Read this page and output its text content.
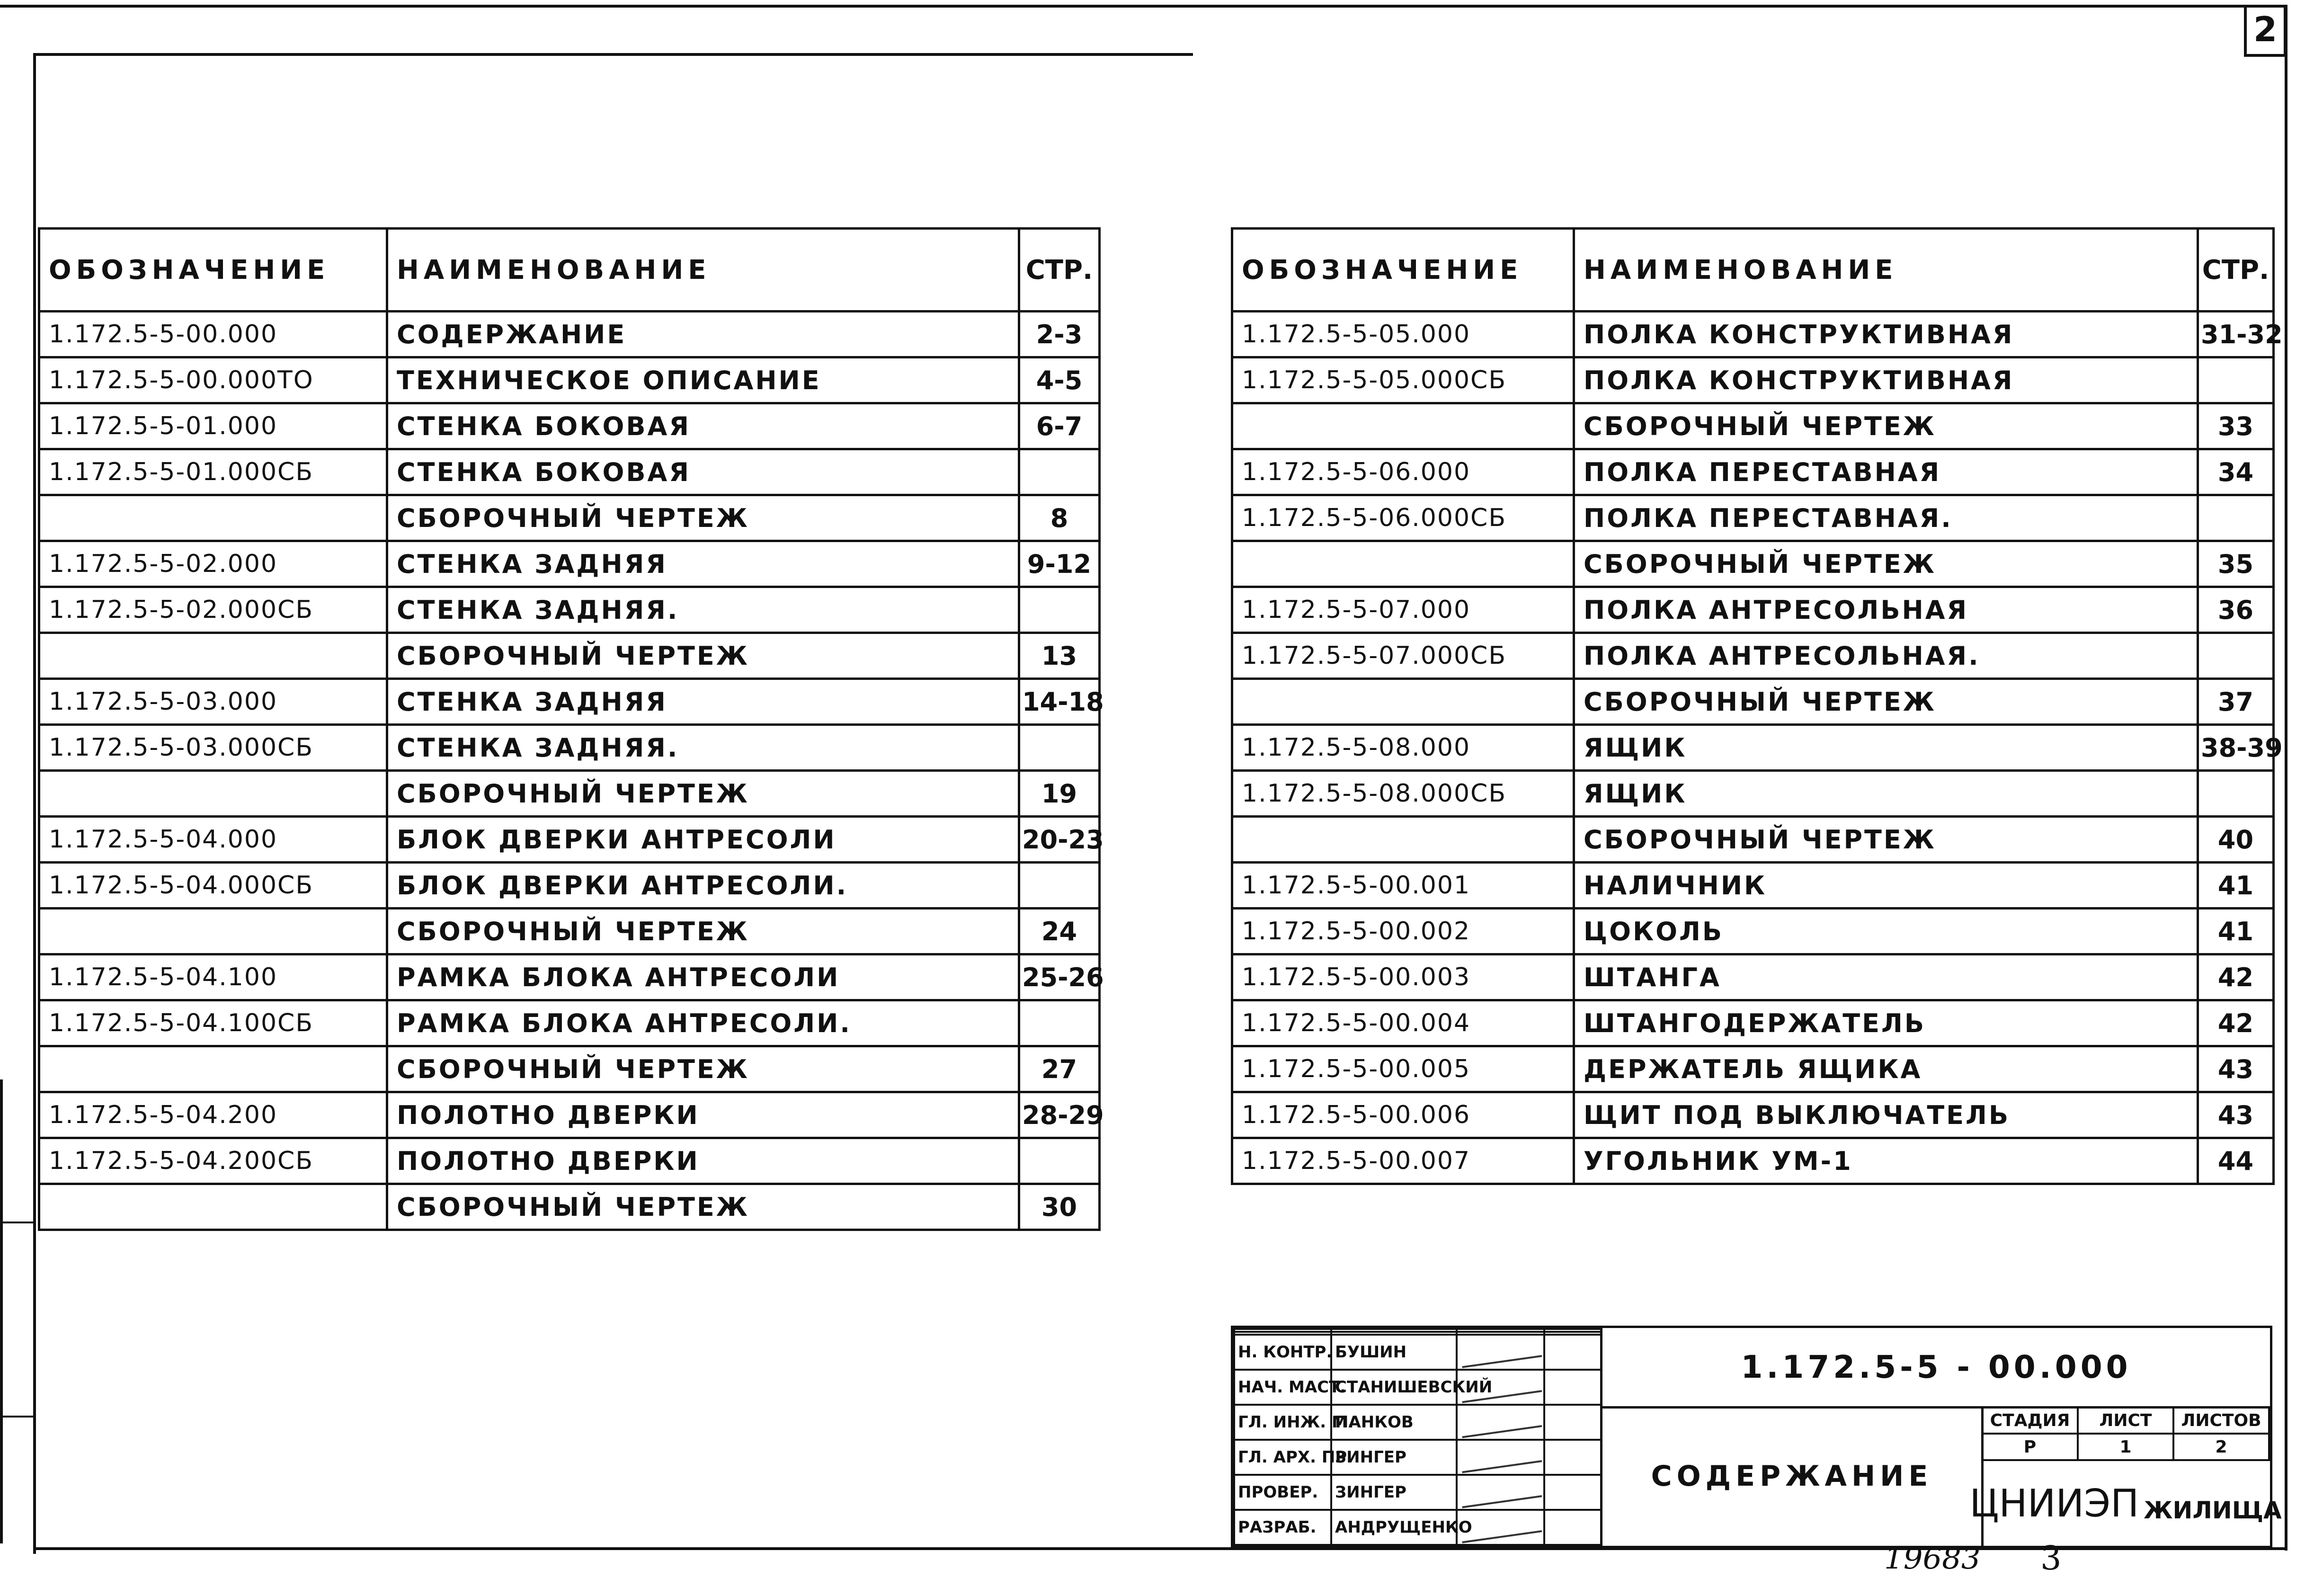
2
ОБОЗНАЧЕНИЕ	НАИМЕНОВАНИЕ	СТР.
1.172.5-5-00.000	СОДЕРЖАНИЕ	2-3
1.172.5-5-00.000ТО	ТЕХНИЧЕСКОЕ ОПИСАНИЕ	4-5
1.172.5-5-01.000	СТЕНКА БОКОВАЯ	6-7
1.172.5-5-01.000СБ	СТЕНКА БОКОВАЯ	
	СБОРОЧНЫЙ ЧЕРТЕЖ	8
1.172.5-5-02.000	СТЕНКА ЗАДНЯЯ	9-12
1.172.5-5-02.000СБ	СТЕНКА ЗАДНЯЯ.	
	СБОРОЧНЫЙ ЧЕРТЕЖ	13
1.172.5-5-03.000	СТЕНКА ЗАДНЯЯ	14-18
1.172.5-5-03.000СБ	СТЕНКА ЗАДНЯЯ.	
	СБОРОЧНЫЙ ЧЕРТЕЖ	19
1.172.5-5-04.000	БЛОК ДВЕРКИ АНТРЕСОЛИ	20-23
1.172.5-5-04.000СБ	БЛОК ДВЕРКИ АНТРЕСОЛИ.	
	СБОРОЧНЫЙ ЧЕРТЕЖ	24
1.172.5-5-04.100	РАМКА БЛОКА АНТРЕСОЛИ	25-26
1.172.5-5-04.100СБ	РАМКА БЛОКА АНТРЕСОЛИ.	
	СБОРОЧНЫЙ ЧЕРТЕЖ	27
1.172.5-5-04.200	ПОЛОТНО ДВЕРКИ	28-29
1.172.5-5-04.200СБ	ПОЛОТНО ДВЕРКИ	
	СБОРОЧНЫЙ ЧЕРТЕЖ	30
ОБОЗНАЧЕНИЕ	НАИМЕНОВАНИЕ	СТР.
1.172.5-5-05.000	ПОЛКА КОНСТРУКТИВНАЯ	31-32
1.172.5-5-05.000СБ	ПОЛКА КОНСТРУКТИВНАЯ	
	СБОРОЧНЫЙ ЧЕРТЕЖ	33
1.172.5-5-06.000	ПОЛКА ПЕРЕСТАВНАЯ	34
1.172.5-5-06.000СБ	ПОЛКА ПЕРЕСТАВНАЯ.	
	СБОРОЧНЫЙ ЧЕРТЕЖ	35
1.172.5-5-07.000	ПОЛКА АНТРЕСОЛЬНАЯ	36
1.172.5-5-07.000СБ	ПОЛКА АНТРЕСОЛЬНАЯ.	
	СБОРОЧНЫЙ ЧЕРТЕЖ	37
1.172.5-5-08.000	ЯЩИК	38-39
1.172.5-5-08.000СБ	ЯЩИК	
	СБОРОЧНЫЙ ЧЕРТЕЖ	40
1.172.5-5-00.001	НАЛИЧНИК	41
1.172.5-5-00.002	ЦОКОЛЬ	41
1.172.5-5-00.003	ШТАНГА	42
1.172.5-5-00.004	ШТАНГОДЕРЖАТЕЛЬ	42
1.172.5-5-00.005	ДЕРЖАТЕЛЬ ЯЩИКА	43
1.172.5-5-00.006	ЩИТ ПОД ВЫКЛЮЧАТЕЛЬ	43
1.172.5-5-00.007	УГОЛЬНИК УМ-1	44

Н. КОНТР.	БУШИН	

НАЧ. МАСТ.	СТАНИШЕВСКИЙ	

ГЛ. ИНЖ. М.	ПАНКОВ	

ГЛ. АРХ. ПР.	ЗИНГЕР	

ПРОВЕР.	ЗИНГЕР	

РАЗРАБ.	АНДРУЩЕНКО	

1.172.5-5 - 00.000
СОДЕРЖАНИЕ
СТАДИЯ	ЛИСТ	ЛИСТОВ
Р	1	2
ЦНИИЭП ЖИЛИЩА
19683 3
